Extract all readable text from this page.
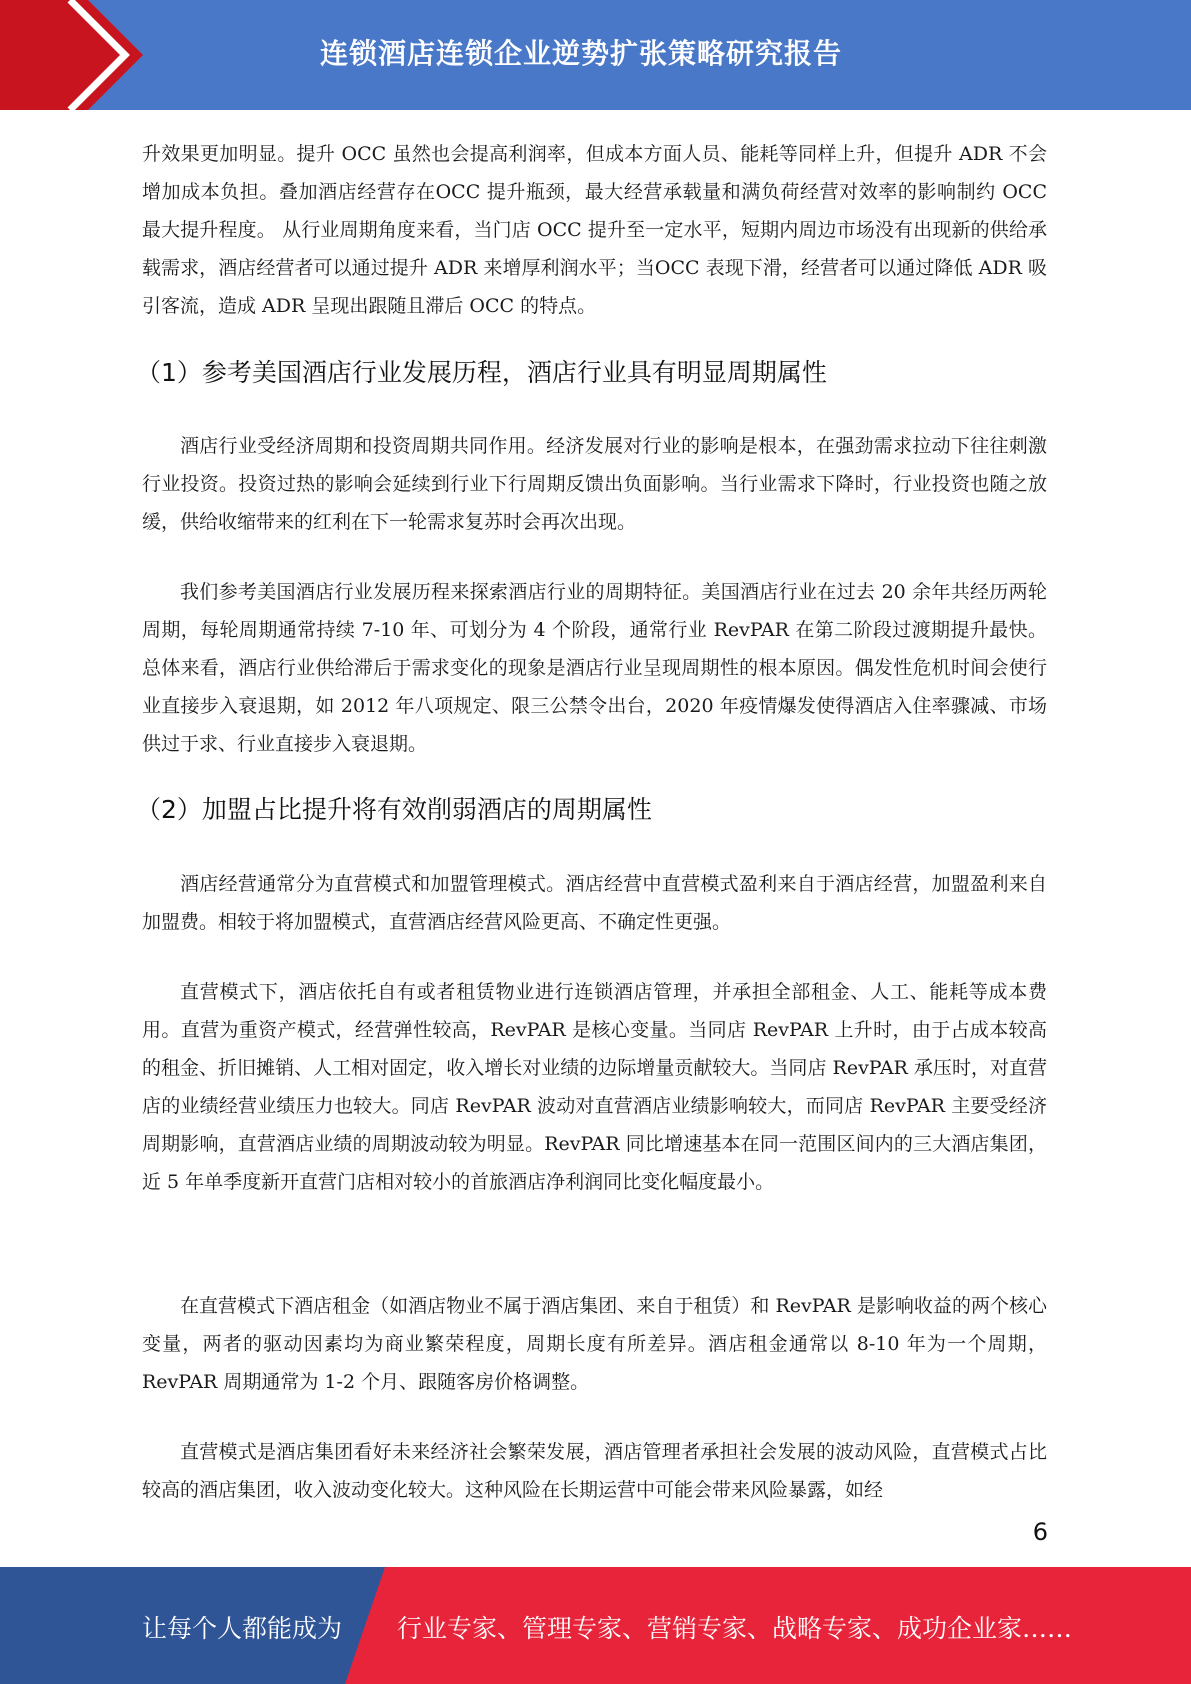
连锁酒店连锁企业逆势扩张策略研究报告

升效果更加明显。提升 OCC 虽然也会提高利润率，但成本方面人员、能耗等同样上升，但提升 ADR 不会增加成本负担。叠加酒店经营存在OCC 提升瓶颈，最大经营承载量和满负荷经营对效率的影响制约 OCC 最大提升程度。 从行业周期角度来看，当门店 OCC 提升至一定水平，短期内周边市场没有出现新的供给承载需求，酒店经营者可以通过提升 ADR 来增厚利润水平；当OCC 表现下滑，经营者可以通过降低 ADR 吸引客流，造成 ADR 呈现出跟随且滞后 OCC 的特点。

（1）参考美国酒店行业发展历程，酒店行业具有明显周期属性

酒店行业受经济周期和投资周期共同作用。经济发展对行业的影响是根本，在强劲需求拉动下往往刺激行业投资。投资过热的影响会延续到行业下行周期反馈出负面影响。当行业需求下降时，行业投资也随之放缓，供给收缩带来的红利在下一轮需求复苏时会再次出现。

我们参考美国酒店行业发展历程来探索酒店行业的周期特征。美国酒店行业在过去 20 余年共经历两轮周期，每轮周期通常持续 7-10 年、可划分为 4 个阶段，通常行业 RevPAR 在第二阶段过渡期提升最快。 总体来看，酒店行业供给滞后于需求变化的现象是酒店行业呈现周期性的根本原因。偶发性危机时间会使行业直接步入衰退期，如 2012 年八项规定、限三公禁令出台，2020 年疫情爆发使得酒店入住率骤减、市场供过于求、行业直接步入衰退期。

（2）加盟占比提升将有效削弱酒店的周期属性

酒店经营通常分为直营模式和加盟管理模式。酒店经营中直营模式盈利来自于酒店经营，加盟盈利来自加盟费。相较于将加盟模式，直营酒店经营风险更高、不确定性更强。

直营模式下，酒店依托自有或者租赁物业进行连锁酒店管理，并承担全部租金、人工、能耗等成本费用。直营为重资产模式，经营弹性较高，RevPAR 是核心变量。当同店 RevPAR 上升时，由于占成本较高的租金、折旧摊销、人工相对固定，收入增长对业绩的边际增量贡献较大。当同店 RevPAR 承压时，对直营店的业绩经营业绩压力也较大。同店 RevPAR 波动对直营酒店业绩影响较大，而同店 RevPAR 主要受经济周期影响，直营酒店业绩的周期波动较为明显。RevPAR 同比增速基本在同一范围区间内的三大酒店集团，近 5 年单季度新开直营门店相对较小的首旅酒店净利润同比变化幅度最小。

在直营模式下酒店租金（如酒店物业不属于酒店集团、来自于租赁）和 RevPAR 是影响收益的两个核心变量，两者的驱动因素均为商业繁荣程度，周期长度有所差异。酒店租金通常以 8-10 年为一个周期，RevPAR 周期通常为 1-2 个月、跟随客房价格调整。

直营模式是酒店集团看好未来经济社会繁荣发展，酒店管理者承担社会发展的波动风险，直营模式占比较高的酒店集团，收入波动变化较大。这种风险在长期运营中可能会带来风险暴露，如经

6
让每个人都能成为 行业专家、管理专家、营销专家、战略专家、成功企业家……
